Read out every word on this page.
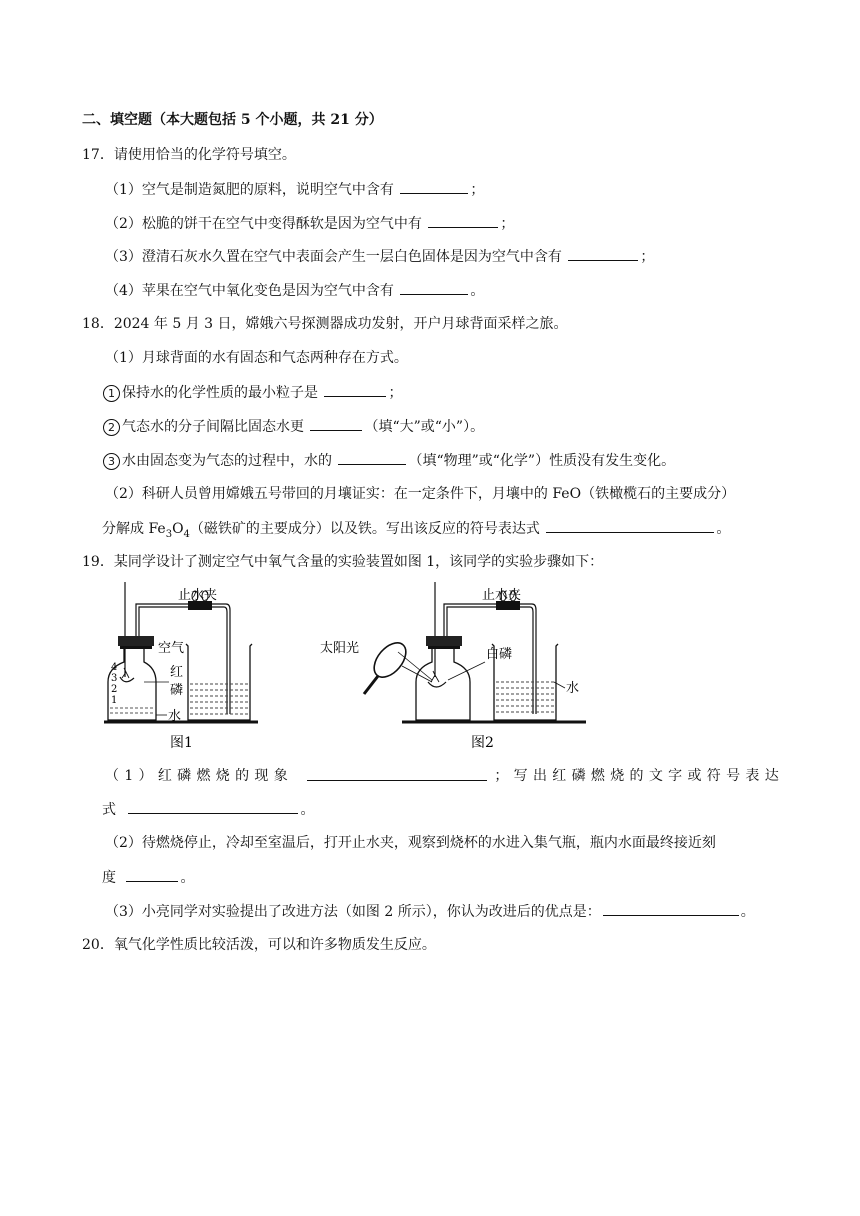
二、填空题（本大题包括 5 个小题，共 21 分）
17．请使用恰当的化学符号填空。
（1）空气是制造氮肥的原料，说明空气中含有	；
（2）松脆的饼干在空气中变得酥软是因为空气中有	；
（3）澄清石灰水久置在空气中表面会产生一层白色固体是因为空气中含有	；
（4）苹果在空气中氧化变色是因为空气中含有	。
18．2024 年 5 月 3 日，嫦娥六号探测器成功发射，开户月球背面采样之旅。
（1）月球背面的水有固态和气态两种存在方式。
1 保持水的化学性质的最小粒子是	；
2 气态水的分子间隔比固态水更	（填“大”或“小”）。
3 水由固态变为气态的过程中，水的	（填“物理”或“化学”）性质没有发生变化。
（2）科研人员曾用嫦娥五号带回的月壤证实：在一定条件下，月壤中的 FeO（铁橄榄石的主要成分）
分解成 $Fe_3O_4$（磁铁矿的主要成分）以及铁。写出该反应的符号表达式	。
19．某同学设计了测定空气中氧气含量的实验装置如图 1，该同学的实验步骤如下：
止水夹
空气
红
磷
水
4
3
2
1
图1
止水夹
太阳光	白磷
水
图2
（ 1 ） 红 磷 燃 烧 的 现 象	； 写 出 红 磷 燃 烧 的 文 字 或 符 号 表 达
式	。
（2）待燃烧停止，冷却至室温后，打开止水夹，观察到烧杯的水进入集气瓶，瓶内水面最终接近刻
度	。
（3）小亮同学对实验提出了改进方法（如图 2 所示），你认为改进后的优点是：	。
20．氧气化学性质比较活泼，可以和许多物质发生反应。
